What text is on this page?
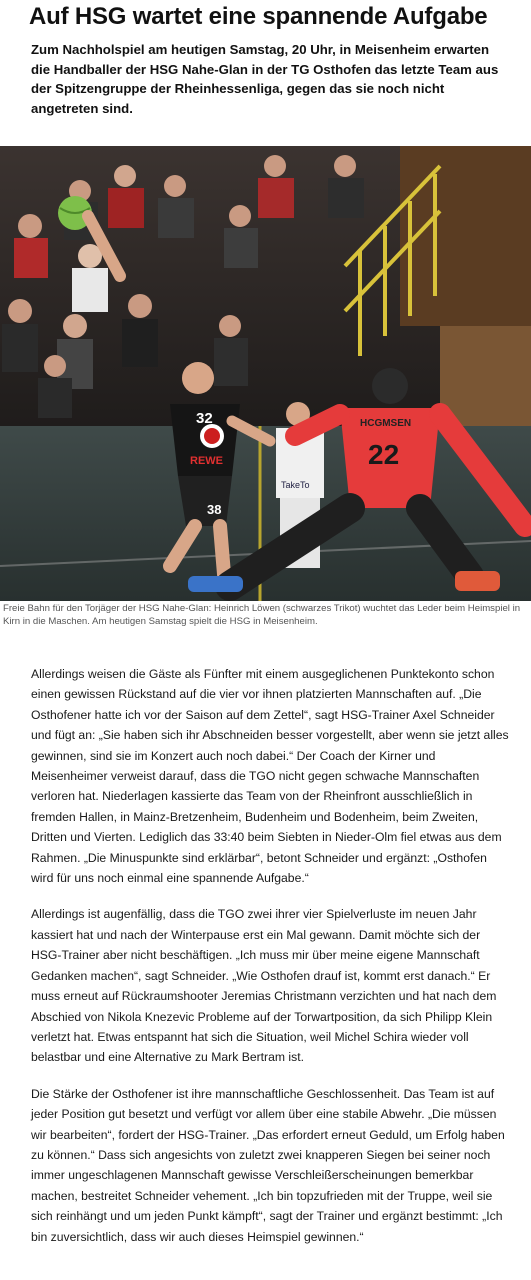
Auf HSG wartet eine spannende Aufgabe

Zum Nachholspiel am heutigen Samstag, 20 Uhr, in Meisenheim erwarten die Handballer der HSG Nahe-Glan in der TG Osthofen das letzte Team aus der Spitzengruppe der Rheinhessenliga, gegen das sie noch nicht angetreten sind.

32
REWE
38
TakeTo
HCGMSEN
22

Freie Bahn für den Torjäger der HSG Nahe-Glan: Heinrich Löwen (schwarzes Trikot) wuchtet das Leder beim Heimspiel in Kirn in die Maschen. Am heutigen Samstag spielt die HSG in Meisenheim.

Allerdings weisen die Gäste als Fünfter mit einem ausgeglichenen Punktekonto schon einen gewissen Rückstand auf die vier vor ihnen platzierten Mannschaften auf. „Die Osthofener hatte ich vor der Saison auf dem Zettel“, sagt HSG-Trainer Axel Schneider und fügt an: „Sie haben sich ihr Abschneiden besser vorgestellt, aber wenn sie jetzt alles gewinnen, sind sie im Konzert auch noch dabei.“ Der Coach der Kirner und Meisenheimer verweist darauf, dass die TGO nicht gegen schwache Mannschaften verloren hat. Niederlagen kassierte das Team von der Rheinfront ausschließlich in fremden Hallen, in Mainz-Bretzenheim, Budenheim und Bodenheim, beim Zweiten, Dritten und Vierten. Lediglich das 33:40 beim Siebten in Nieder-Olm fiel etwas aus dem Rahmen. „Die Minuspunkte sind erklärbar“, betont Schneider und ergänzt: „Osthofen wird für uns noch einmal eine spannende Aufgabe.“

Allerdings ist augenfällig, dass die TGO zwei ihrer vier Spielverluste im neuen Jahr kassiert hat und nach der Winterpause erst ein Mal gewann. Damit möchte sich der HSG-Trainer aber nicht beschäftigen. „Ich muss mir über meine eigene Mannschaft Gedanken machen“, sagt Schneider. „Wie Osthofen drauf ist, kommt erst danach.“ Er muss erneut auf Rückraumshooter Jeremias Christmann verzichten und hat nach dem Abschied von Nikola Knezevic Probleme auf der Torwartposition, da sich Philipp Klein verletzt hat. Etwas entspannt hat sich die Situation, weil Michel Schira wieder voll belastbar und eine Alternative zu Mark Bertram ist.

Die Stärke der Osthofener ist ihre mannschaftliche Geschlossenheit. Das Team ist auf jeder Position gut besetzt und verfügt vor allem über eine stabile Abwehr. „Die müssen wir bearbeiten“, fordert der HSG-Trainer. „Das erfordert erneut Geduld, um Erfolg haben zu können.“ Dass sich angesichts von zuletzt zwei knapperen Siegen bei seiner noch immer ungeschlagenen Mannschaft gewisse Verschleißerscheinungen bemerkbar machen, bestreitet Schneider vehement. „Ich bin topzufrieden mit der Truppe, weil sie sich reinhängt und um jeden Punkt kämpft“, sagt der Trainer und ergänzt bestimmt: „Ich bin zuversichtlich, dass wir auch dieses Heimspiel gewinnen.“
